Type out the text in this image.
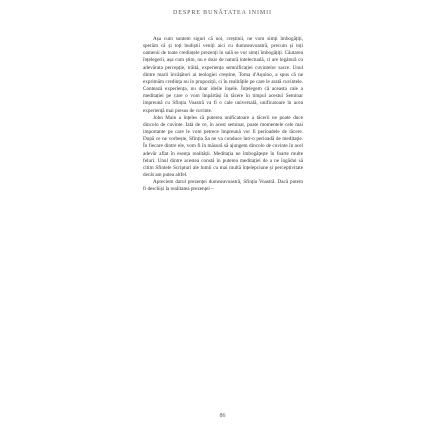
DESPRE BUNĂTATEA INIMII

Așa cum suntem siguri că noi, creștinii, ne vom simți îmbogățiți, sperăm că și toți budiștii veniți aici cu dumneavoastră, precum și toți oamenii de toate credințele prezenți în sală se vor simți îmbogățiți. Căutarea înțelegerii, așa cum știm, nu e doar de natură intelectuală, ci are legătură cu adevărata percepție, trăită, experiența semnificației cuvintelor sacre. Unul dintre marii învățători ai teologiei creștine, Toma d'Aquino, a spus că ne exprimăm credința nu în propoziții, ci în realitățile pe care le arată cuvintele. Contează experiența, nu doar ideile înșele. Înțelegem că aceasta cale a meditației pe care o vom împărtăși în tăcere în timpul acestui Seminar împreună cu Sfinția Voastră va fi o cale universală, unificatoare în acea experiență mai presus de cuvinte.

John Main a înțeles că puterea unificatoare a tăcerii ne poate duce dincolo de cuvinte. Iată de ce, în acest seminar, poate momentele cele mai importante pe care le vom petrece împreună vor fi perioadele de tăcere. După ce ne vorbește, Sfinția Sa ne va conduce într-o perioadă de meditație. În fiecare dintre ele, vom fi în măsură să ajungem dincolo de cuvinte în acel adevăr aflat în esența realității. Meditația ne îmbogățește în foarte multe feluri. Unul dintre acestea constă în puterea meditației de a ne îngădui să citim Sfintele Scripturi ale lumii cu mai multă înțelepciune și perceptivitate decât am putea altfel.

Apreciem darul prezenței dumneavoastră, Sfinția Voastră. Dacă putem fi deschiși la realitatea prezenței –

86
